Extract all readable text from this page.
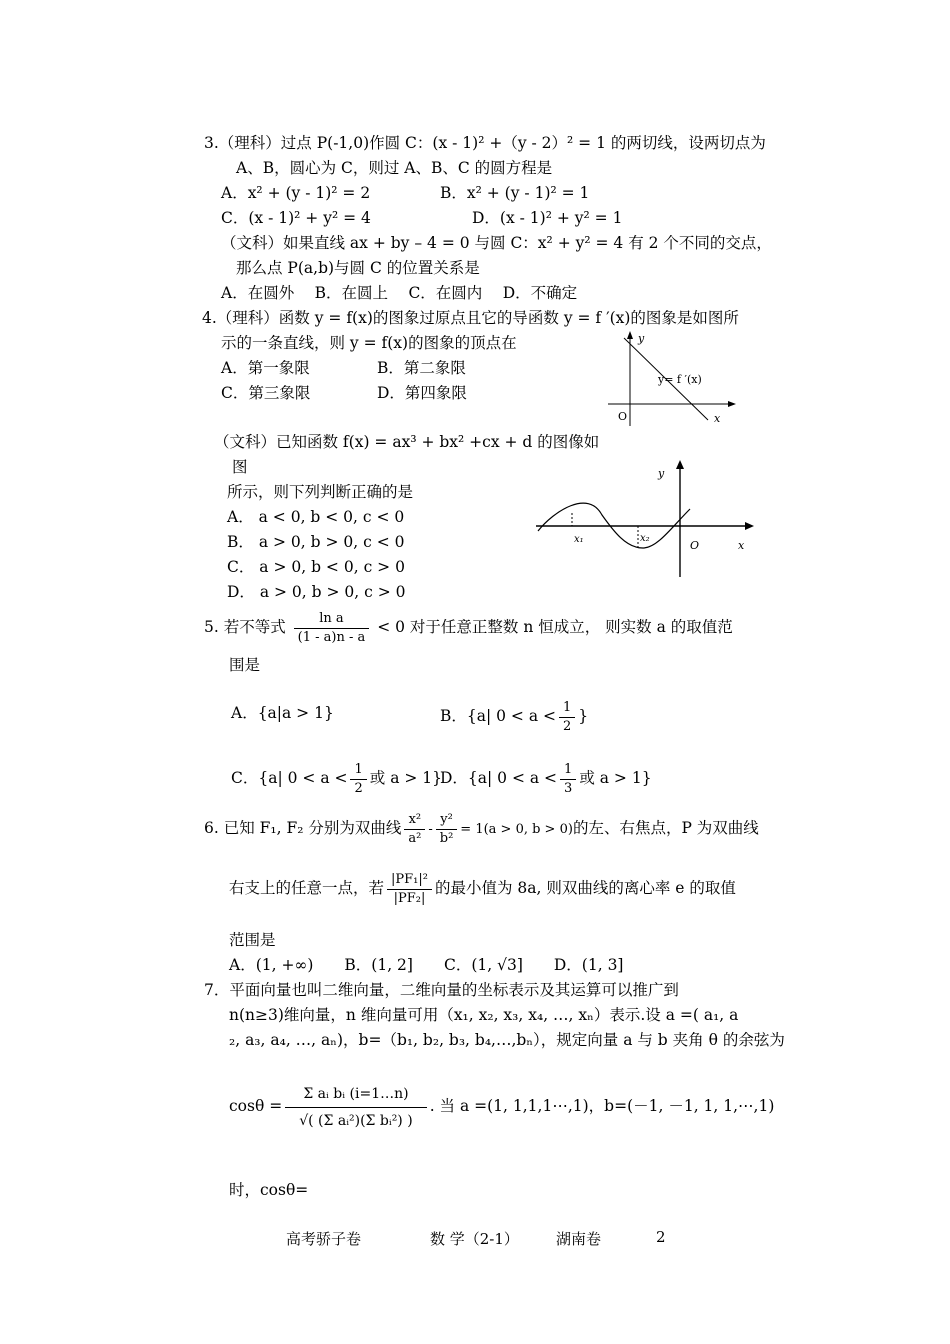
3.（理科）过点 P(-1,0)作圆 C：(x - 1)² +（y - 2）² = 1 的两切线，设两切点为
A、B，圆心为 C，则过 A、B、C 的圆方程是
A．x² + (y - 1)² = 2	B．x² + (y - 1)² = 1
C．(x - 1)² + y² = 4	D．(x - 1)² + y² = 1
（文科）如果直线 ax + by – 4 = 0 与圆 C：x² + y² = 4 有 2 个不同的交点，
那么点 P(a,b)与圆 C 的位置关系是
A．在圆外　 B．在圆上　 C．在圆内　 D．不确定
4.（理科）函数 y = f(x)的图象过原点且它的导函数 y = f ′(x)的图象是如图所
示的一条直线，则 y = f(x)的图象的顶点在
A．第一象限	B．第二象限
C．第三象限	D．第四象限
y
y= f ′(x)
O	x
（文科）已知函数 f(x) = ax³ + bx² +cx + d 的图像如
图
所示，则下列判断正确的是
A． a < 0, b < 0, c < 0
B． a > 0, b > 0, c < 0
C． a > 0, b < 0, c > 0
D． a > 0, b > 0, c > 0
y
x₁	x₂
O	x
5. 若不等式 $\frac{\text{ln a}}{(1 - a)n - a} < 0$ 对于任意正整数 n 恒成立， 则实数 a 的取值范
围是
A．{a|a > 1}	B．{a| $0 < a < \frac{1}{2}$ }
C．{a| $0 < a < \frac{1}{2}$ 或 a > 1}
D．{a| $0 < a < \frac{1}{3}$ 或 a > 1}
6. 已知 F₁, F₂ 分别为双曲线 $\frac{\text{x²}}{\text{a²}} - \frac{\text{y²}}{\text{b²}} = 1(a > 0$, b > 0)的左、右焦点，P 为双曲线
右支上的任意一点，若 $\frac{\text{|PF₁|²}}{\text{|PF₂|}}$ 的最小值为 8a, 则双曲线的离心率 e 的取值
范围是
A．(1, +∞)　　B．(1, 2]　　C．(1, √3]　　D．(1, 3]
7．平面向量也叫二维向量，二维向量的坐标表示及其运算可以推广到
n(n≥3)维向量，n 维向量可用（x₁, x₂, x₃, x₄, …, xₙ）表示.设 a =( a₁, a
₂, a₃, a₄, …, aₙ)，b=（b₁, b₂, b₃, b₄,…,bₙ），规定向量 a 与 b 夹角 θ 的余弦为
$\cos\theta = \frac{\text{Σ aᵢ bᵢ (i=1…n)}}{\text{√( (Σ aᵢ²)(Σ bᵢ²) )}}$ . 当 a =(1, 1,1,1⋯,1)，b=(－1, －1, 1, 1,⋯,1)
时，cosθ=
高考骄子卷	数 学（2-1） 湖南卷	2
